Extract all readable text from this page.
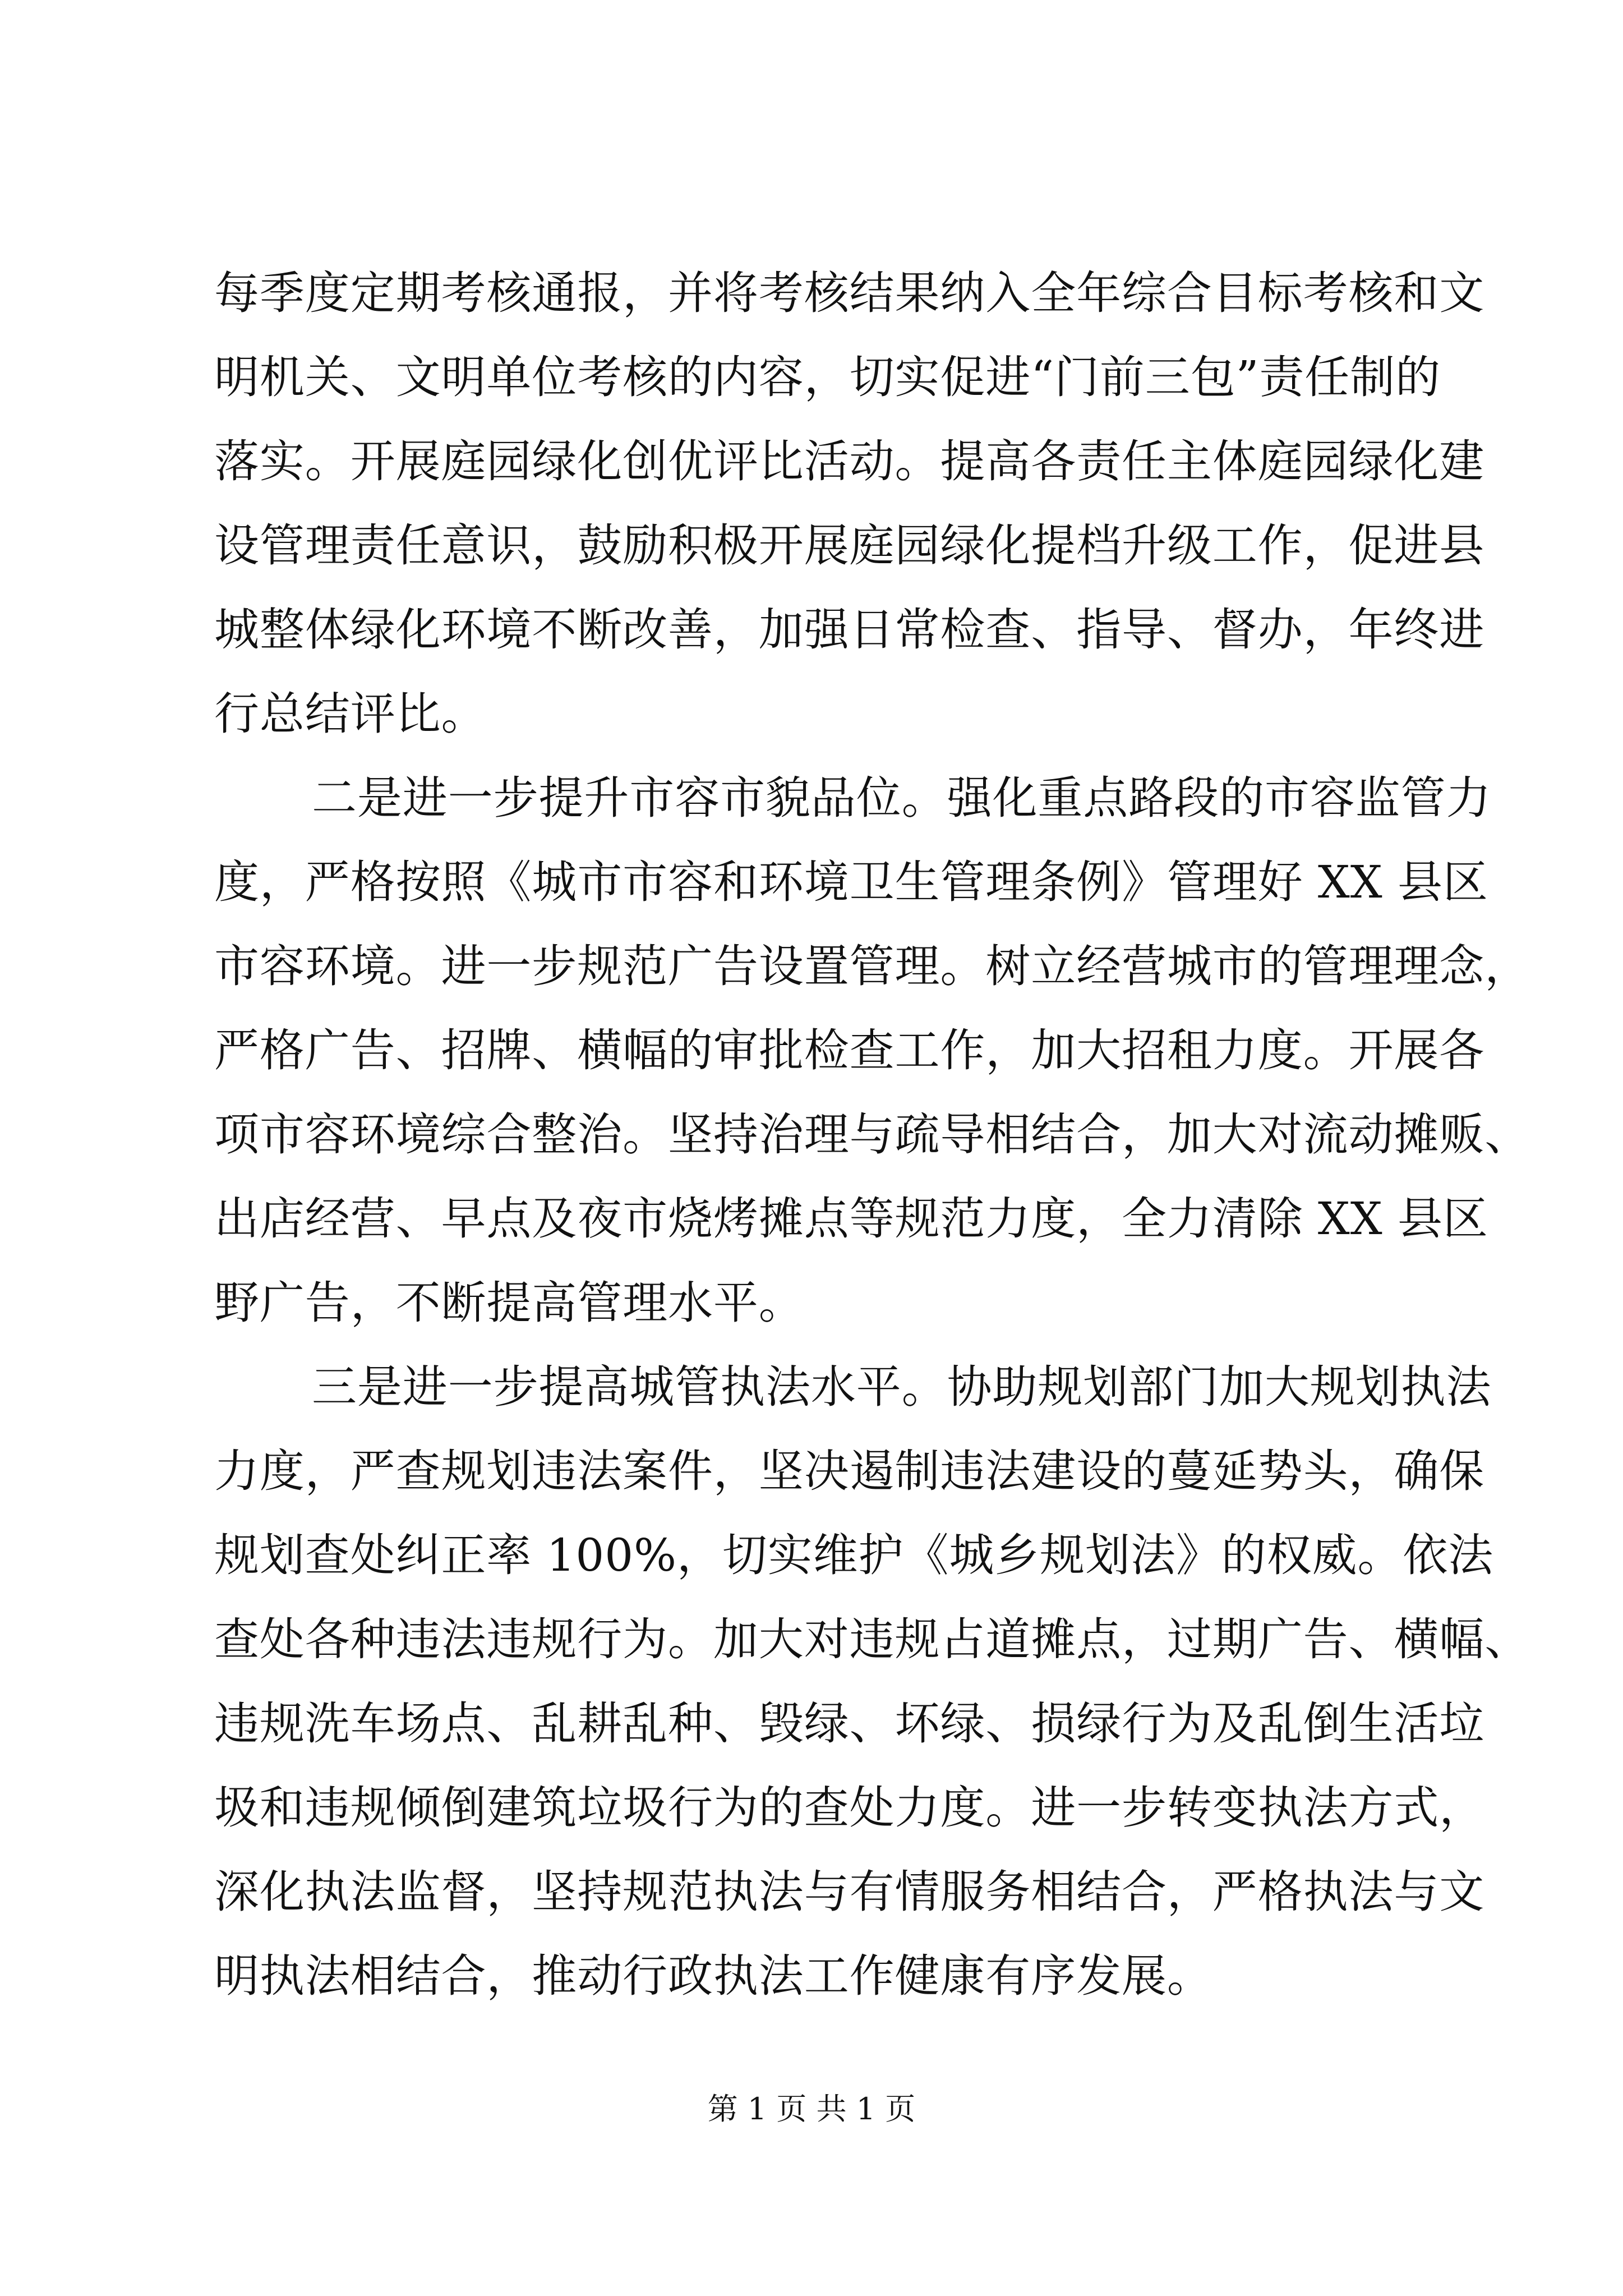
每季度定期考核通报，并将考核结果纳入全年综合目标考核和文
明机关、文明单位考核的内容，切实促进“门前三包”责任制的
落实。开展庭园绿化创优评比活动。提高各责任主体庭园绿化建
设管理责任意识，鼓励积极开展庭园绿化提档升级工作，促进县
城整体绿化环境不断改善，加强日常检查、指导、督办，年终进
行总结评比。
二是进一步提升市容市貌品位。强化重点路段的市容监管力
度，严格按照《城市市容和环境卫生管理条例》管理好 XX 县区
市容环境。进一步规范广告设置管理。树立经营城市的管理理念，
严格广告、招牌、横幅的审批检查工作，加大招租力度。开展各
项市容环境综合整治。坚持治理与疏导相结合，加大对流动摊贩、
出店经营、早点及夜市烧烤摊点等规范力度，全力清除 XX 县区
野广告，不断提高管理水平。
三是进一步提高城管执法水平。协助规划部门加大规划执法
力度，严查规划违法案件，坚决遏制违法建设的蔓延势头，确保
规划查处纠正率 100%，切实维护《城乡规划法》的权威。依法
查处各种违法违规行为。加大对违规占道摊点，过期广告、横幅、
违规洗车场点、乱耕乱种、毁绿、坏绿、损绿行为及乱倒生活垃
圾和违规倾倒建筑垃圾行为的查处力度。进一步转变执法方式，
深化执法监督，坚持规范执法与有情服务相结合，严格执法与文
明执法相结合，推动行政执法工作健康有序发展。
第 1 页 共 1 页
